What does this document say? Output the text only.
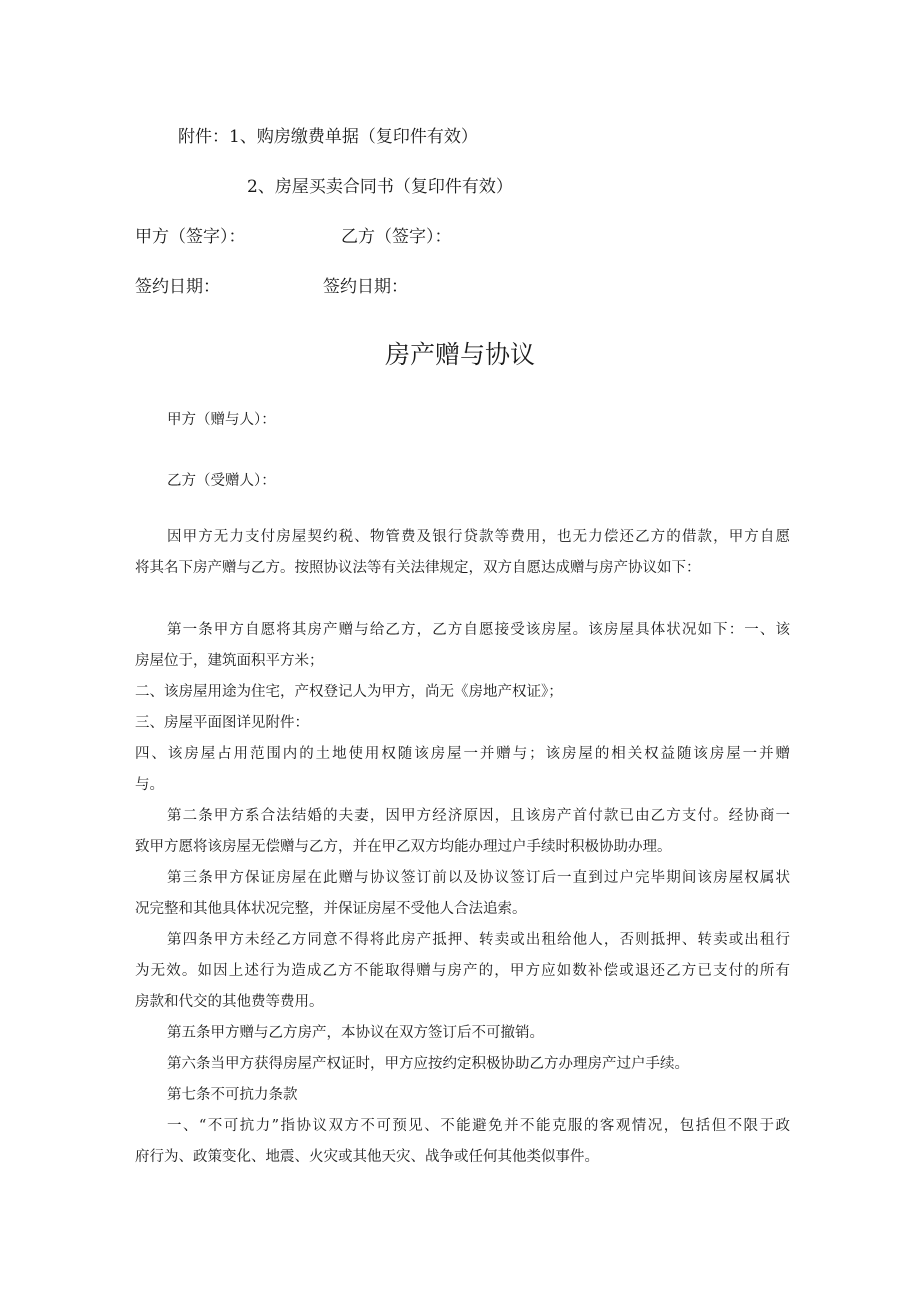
附件：1、购房缴费单据（复印件有效）
2、房屋买卖合同书（复印件有效）
甲方（签字）：	乙方（签字）：
签约日期：	签约日期：
房产赠与协议
甲方（赠与人）：
乙方（受赠人）：
因甲方无力支付房屋契约税、物管费及银行贷款等费用，也无力偿还乙方的借款，甲方自愿
将其名下房产赠与乙方。按照协议法等有关法律规定，双方自愿达成赠与房产协议如下：
第一条甲方自愿将其房产赠与给乙方，乙方自愿接受该房屋。该房屋具体状况如下：一、该
房屋位于，建筑面积平方米；
二、该房屋用途为住宅，产权登记人为甲方，尚无《房地产权证》；
三、房屋平面图详见附件：
四、该房屋占用范围内的土地使用权随该房屋一并赠与；该房屋的相关权益随该房屋一并赠
与。
第二条甲方系合法结婚的夫妻，因甲方经济原因，且该房产首付款已由乙方支付。经协商一
致甲方愿将该房屋无偿赠与乙方，并在甲乙双方均能办理过户手续时积极协助办理。
第三条甲方保证房屋在此赠与协议签订前以及协议签订后一直到过户完毕期间该房屋权属状
况完整和其他具体状况完整，并保证房屋不受他人合法追索。
第四条甲方未经乙方同意不得将此房产抵押、转卖或出租给他人，否则抵押、转卖或出租行
为无效。如因上述行为造成乙方不能取得赠与房产的，甲方应如数补偿或退还乙方已支付的所有
房款和代交的其他费等费用。
第五条甲方赠与乙方房产，本协议在双方签订后不可撤销。
第六条当甲方获得房屋产权证时，甲方应按约定积极协助乙方办理房产过户手续。
第七条不可抗力条款
一、“不可抗力”指协议双方不可预见、不能避免并不能克服的客观情况，包括但不限于政
府行为、政策变化、地震、火灾或其他天灾、战争或任何其他类似事件。
